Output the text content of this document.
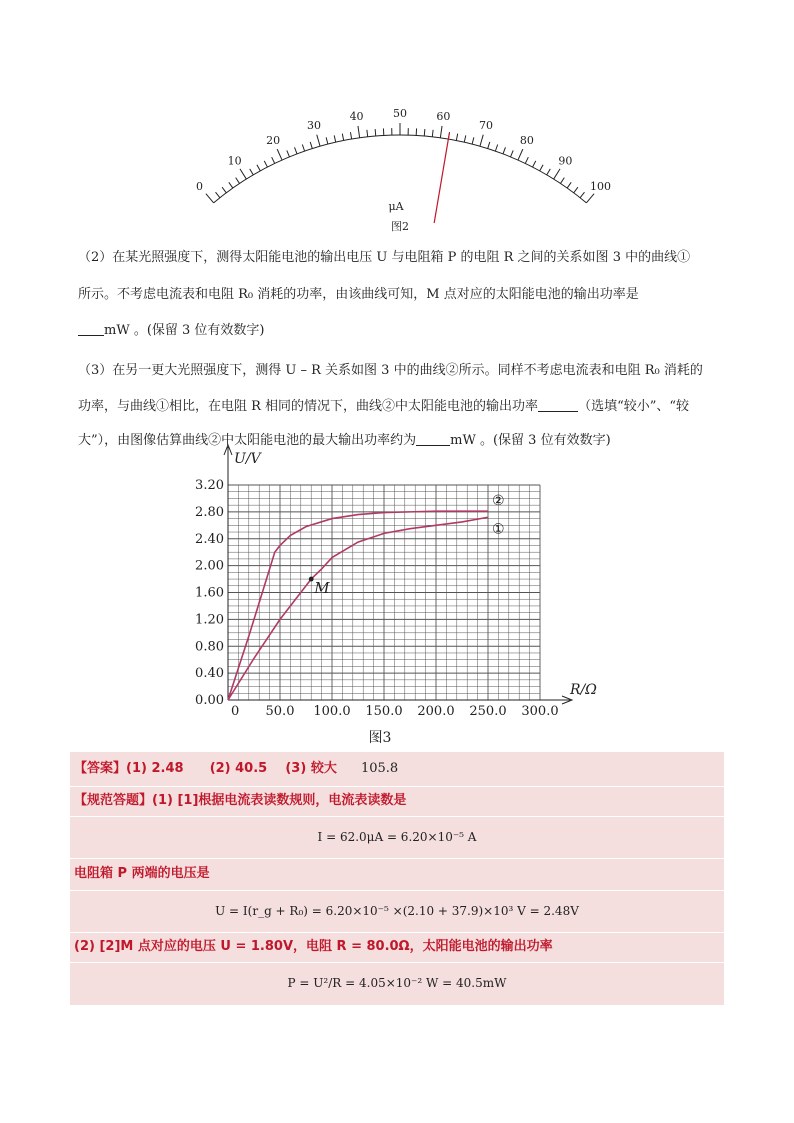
0
10
20
30
40	50	60
70
80
90
100
μA
图2
（2）在某光照强度下，测得太阳能电池的输出电压 U 与电阻箱 P 的电阻 R 之间的关系如图 3 中的曲线①
所示。不考虑电流表和电阻 R₀ 消耗的功率，由该曲线可知，M 点对应的太阳能电池的输出功率是
mW 。(保留 3 位有效数字)
（3）在另一更大光照强度下，测得 U – R 关系如图 3 中的曲线②所示。同样不考虑电流表和电阻 R₀ 消耗的
功率，与曲线①相比，在电阻 R 相同的情况下，曲线②中太阳能电池的输出功率	（选填“较小”、“较
大”），由图像估算曲线②中太阳能电池的最大输出功率约为	mW 。(保留 3 位有效数字)
0.00
0.40
0.80
1.20
1.60
2.00
2.40
2.80
3.20
0 50.0 100.0 150.0 200.0 250.0 300.0
U/V
R/Ω
①
②
M
图3
【答案】(1) 2.48 (2) 40.5 (3) 较大 105.8
【规范答题】(1) [1]根据电流表读数规则，电流表读数是
I = 62.0μA = 6.20×10⁻⁵ A
电阻箱 P 两端的电压是
U = I(r_g + R₀) = 6.20×10⁻⁵ ×(2.10 + 37.9)×10³ V = 2.48V
(2) [2]M 点对应的电压 U = 1.80V，电阻 R = 80.0Ω，太阳能电池的输出功率
P = U²/R = 4.05×10⁻² W = 40.5mW
